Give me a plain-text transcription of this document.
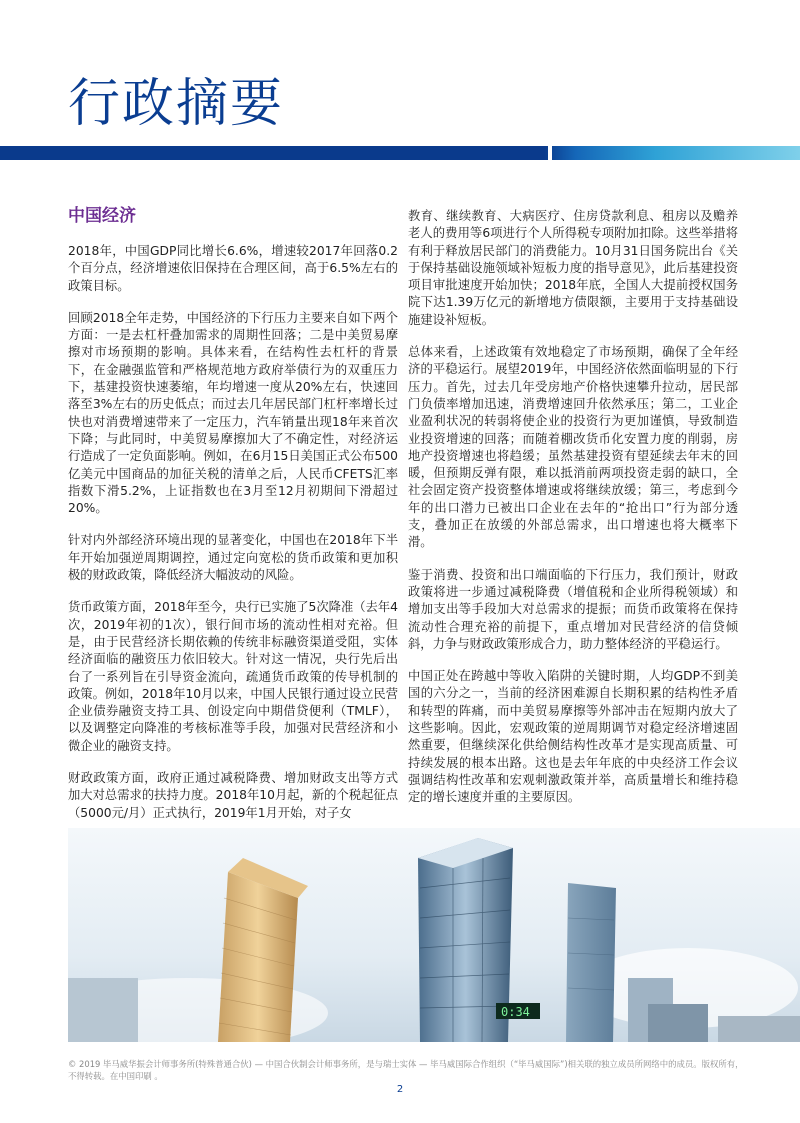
行政摘要
中国经济

2018年，中国GDP同比增长6.6%，增速较2017年回落0.2个百分点，经济增速依旧保持在合理区间，高于6.5%左右的政策目标。

回顾2018全年走势，中国经济的下行压力主要来自如下两个方面：一是去杠杆叠加需求的周期性回落；二是中美贸易摩擦对市场预期的影响。具体来看，在结构性去杠杆的背景下，在金融强监管和严格规范地方政府举债行为的双重压力下，基建投资快速萎缩，年均增速一度从20%左右，快速回落至3%左右的历史低点；而过去几年居民部门杠杆率增长过快也对消费增速带来了一定压力，汽车销量出现18年来首次下降；与此同时，中美贸易摩擦加大了不确定性，对经济运行造成了一定负面影响。例如，在6月15日美国正式公布500亿美元中国商品的加征关税的清单之后，人民币CFETS汇率指数下滑5.2%，上证指数也在3月至12月初期间下滑超过20%。

针对内外部经济环境出现的显著变化，中国也在2018年下半年开始加强逆周期调控，通过定向宽松的货币政策和更加积极的财政政策，降低经济大幅波动的风险。

货币政策方面，2018年至今，央行已实施了5次降准（去年4次，2019年初的1次），银行间市场的流动性相对充裕。但是，由于民营经济长期依赖的传统非标融资渠道受阻，实体经济面临的融资压力依旧较大。针对这一情况，央行先后出台了一系列旨在引导资金流向，疏通货币政策的传导机制的政策。例如，2018年10月以来，中国人民银行通过设立民营企业债券融资支持工具、创设定向中期借贷便利（TMLF），以及调整定向降准的考核标准等手段，加强对民营经济和小微企业的融资支持。

财政政策方面，政府正通过减税降费、增加财政支出等方式加大对总需求的扶持力度。2018年10月起，新的个税起征点（5000元/月）正式执行，2019年1月开始，对子女

教育、继续教育、大病医疗、住房贷款利息、租房以及赡养老人的费用等6项进行个人所得税专项附加扣除。这些举措将有利于释放居民部门的消费能力。10月31日国务院出台《关于保持基础设施领域补短板力度的指导意见》，此后基建投资项目审批速度开始加快；2018年底，全国人大提前授权国务院下达1.39万亿元的新增地方债限额，主要用于支持基础设施建设补短板。

总体来看，上述政策有效地稳定了市场预期，确保了全年经济的平稳运行。展望2019年，中国经济依然面临明显的下行压力。首先，过去几年受房地产价格快速攀升拉动，居民部门负债率增加迅速，消费增速回升依然承压；第二，工业企业盈利状况的转弱将使企业的投资行为更加谨慎，导致制造业投资增速的回落；而随着棚改货币化安置力度的削弱，房地产投资增速也将趋缓；虽然基建投资有望延续去年末的回暖，但预期反弹有限，难以抵消前两项投资走弱的缺口，全社会固定资产投资整体增速或将继续放缓；第三，考虑到今年的出口潜力已被出口企业在去年的“抢出口”行为部分透支，叠加正在放缓的外部总需求，出口增速也将大概率下滑。

鉴于消费、投资和出口端面临的下行压力，我们预计，财政政策将进一步通过减税降费（增值税和企业所得税领域）和增加支出等手段加大对总需求的提振；而货币政策将在保持流动性合理充裕的前提下，重点增加对民营经济的信贷倾斜，力争与财政政策形成合力，助力整体经济的平稳运行。

中国正处在跨越中等收入陷阱的关键时期，人均GDP不到美国的六分之一，当前的经济困难源自长期积累的结构性矛盾和转型的阵痛，而中美贸易摩擦等外部冲击在短期内放大了这些影响。因此，宏观政策的逆周期调节对稳定经济增速固然重要，但继续深化供给侧结构性改革才是实现高质量、可持续发展的根本出路。这也是去年年底的中央经济工作会议强调结构性改革和宏观刺激政策并举，高质量增长和维持稳定的增长速度并重的主要原因。

0:34
© 2019 毕马威华振会计师事务所(特殊普通合伙) — 中国合伙制会计师事务所，是与瑞士实体 — 毕马威国际合作组织（“毕马威国际”)相关联的独立成员所网络中的成员。版权所有，不得转载。在中国印刷 。
2
